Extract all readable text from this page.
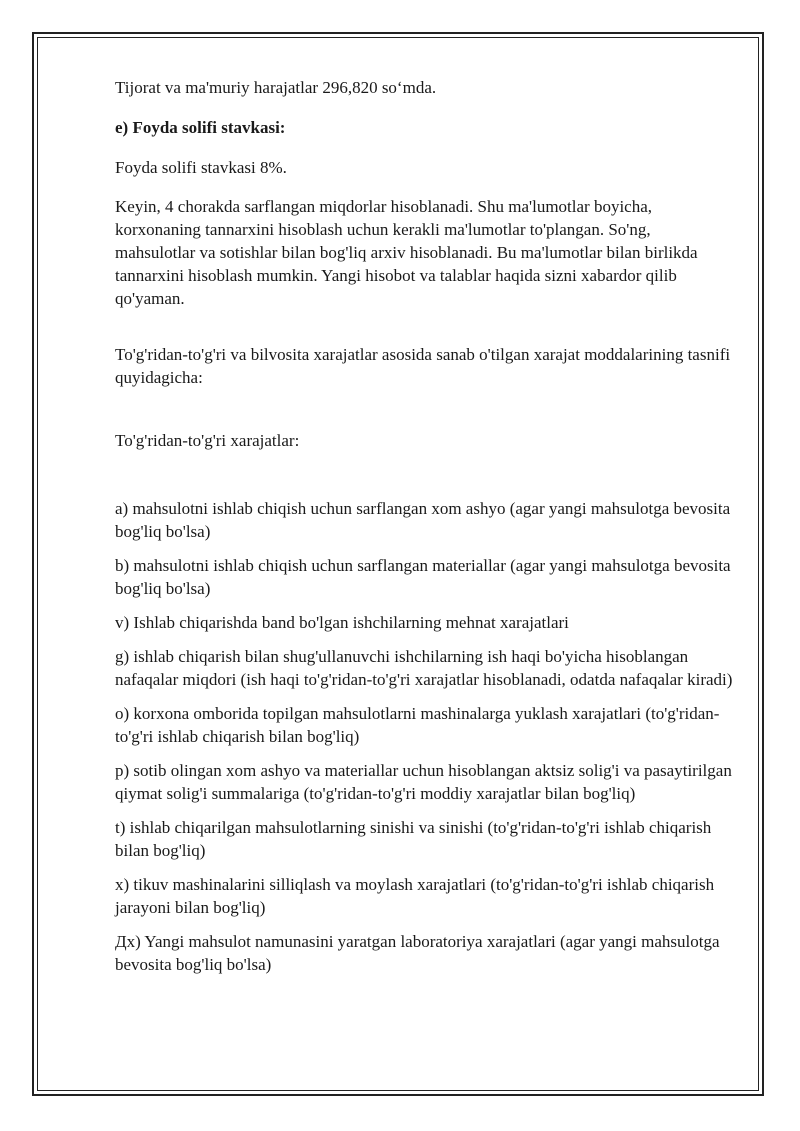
Tijorat va ma'muriy harajatlar 296,820 so‘mda.

e) Foyda solifi stavkasi:

Foyda solifi stavkasi 8%.

Keyin, 4 chorakda sarflangan miqdorlar hisoblanadi. Shu ma'lumotlar boyicha, korxonaning tannarxini hisoblash uchun kerakli ma'lumotlar to'plangan. So'ng, mahsulotlar va sotishlar bilan bog'liq arxiv hisoblanadi. Bu ma'lumotlar bilan birlikda tannarxini hisoblash mumkin. Yangi hisobot va talablar haqida sizni xabardor qilib qo'yaman.

To'g'ridan-to'g'ri va bilvosita xarajatlar asosida sanab o'tilgan xarajat moddalarining tasnifi quyidagicha:

To'g'ridan-to'g'ri xarajatlar:

a) mahsulotni ishlab chiqish uchun sarflangan xom ashyo (agar yangi mahsulotga bevosita bog'liq bo'lsa)

b) mahsulotni ishlab chiqish uchun sarflangan materiallar (agar yangi mahsulotga bevosita bog'liq bo'lsa)

v) Ishlab chiqarishda band bo'lgan ishchilarning mehnat xarajatlari

g) ishlab chiqarish bilan shug'ullanuvchi ishchilarning ish haqi bo'yicha hisoblangan nafaqalar miqdori (ish haqi to'g'ridan-to'g'ri xarajatlar hisoblanadi, odatda nafaqalar kiradi)

o) korxona omborida topilgan mahsulotlarni mashinalarga yuklash xarajatlari (to'g'ridan-to'g'ri ishlab chiqarish bilan bog'liq)

p) sotib olingan xom ashyo va materiallar uchun hisoblangan aktsiz solig'i va pasaytirilgan qiymat solig'i summalariga (to'g'ridan-to'g'ri moddiy xarajatlar bilan bog'liq)

t) ishlab chiqarilgan mahsulotlarning sinishi va sinishi (to'g'ridan-to'g'ri ishlab chiqarish bilan bog'liq)

x) tikuv mashinalarini silliqlash va moylash xarajatlari (to'g'ridan-to'g'ri ishlab chiqarish jarayoni bilan bog'liq)

Дx) Yangi mahsulot namunasini yaratgan laboratoriya xarajatlari (agar yangi mahsulotga bevosita bog'liq bo'lsa)
